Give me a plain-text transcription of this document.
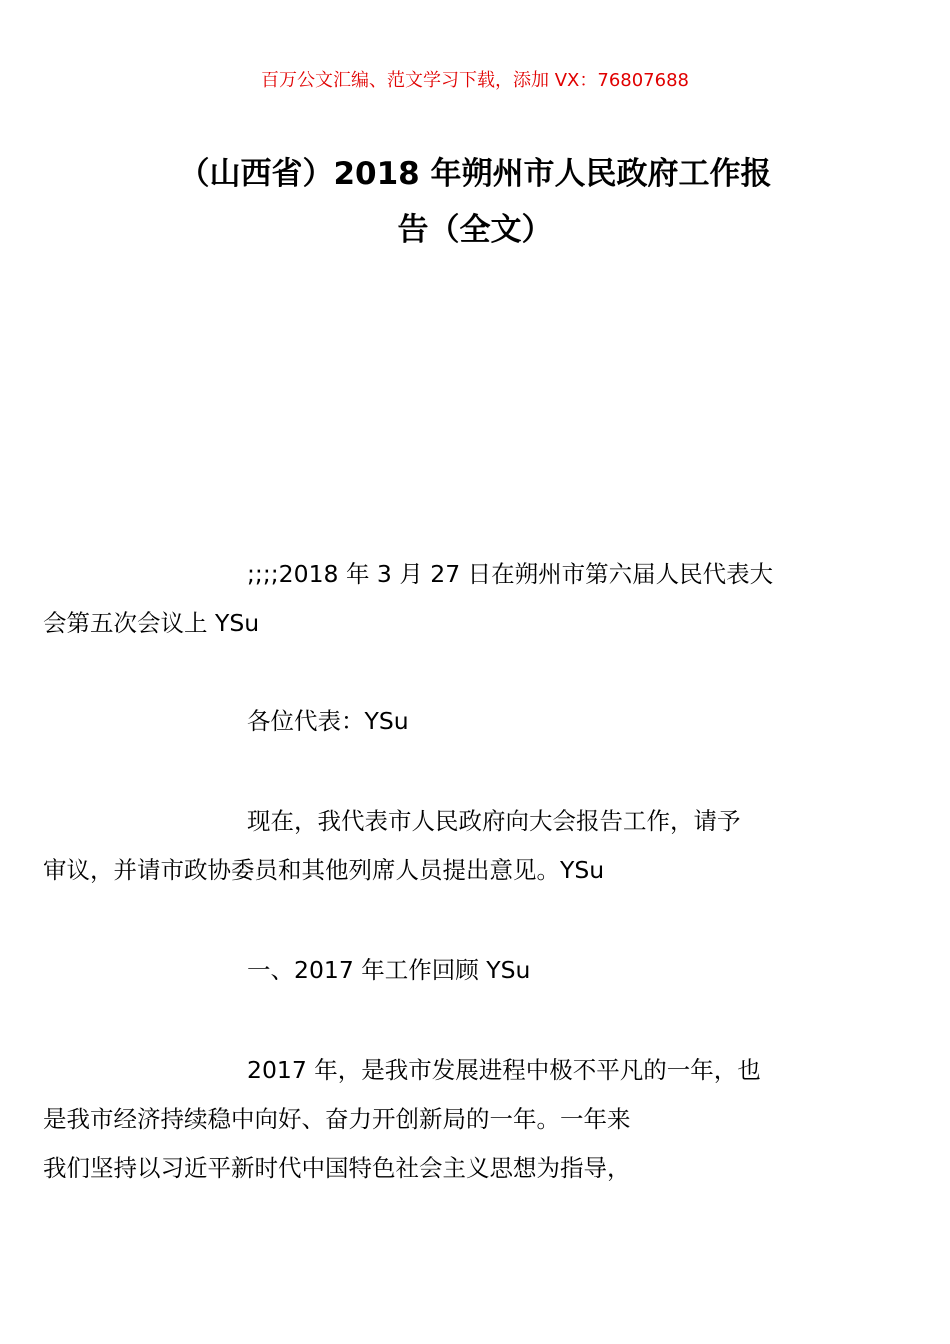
百万公文汇编、范文学习下载，添加 VX：76807688
（山西省）2018 年朔州市人民政府工作报
告（全文）

;;;;2018 年 3 月 27 日在朔州市第六届人民代表大
会第五次会议上 YSu

各位代表：YSu

现在，我代表市人民政府向大会报告工作，请予
审议，并请市政协委员和其他列席人员提出意见。YSu

一、2017 年工作回顾 YSu

2017 年，是我市发展进程中极不平凡的一年，也
是我市经济持续稳中向好、奋力开创新局的一年。一年来
我们坚持以习近平新时代中国特色社会主义思想为指导，
